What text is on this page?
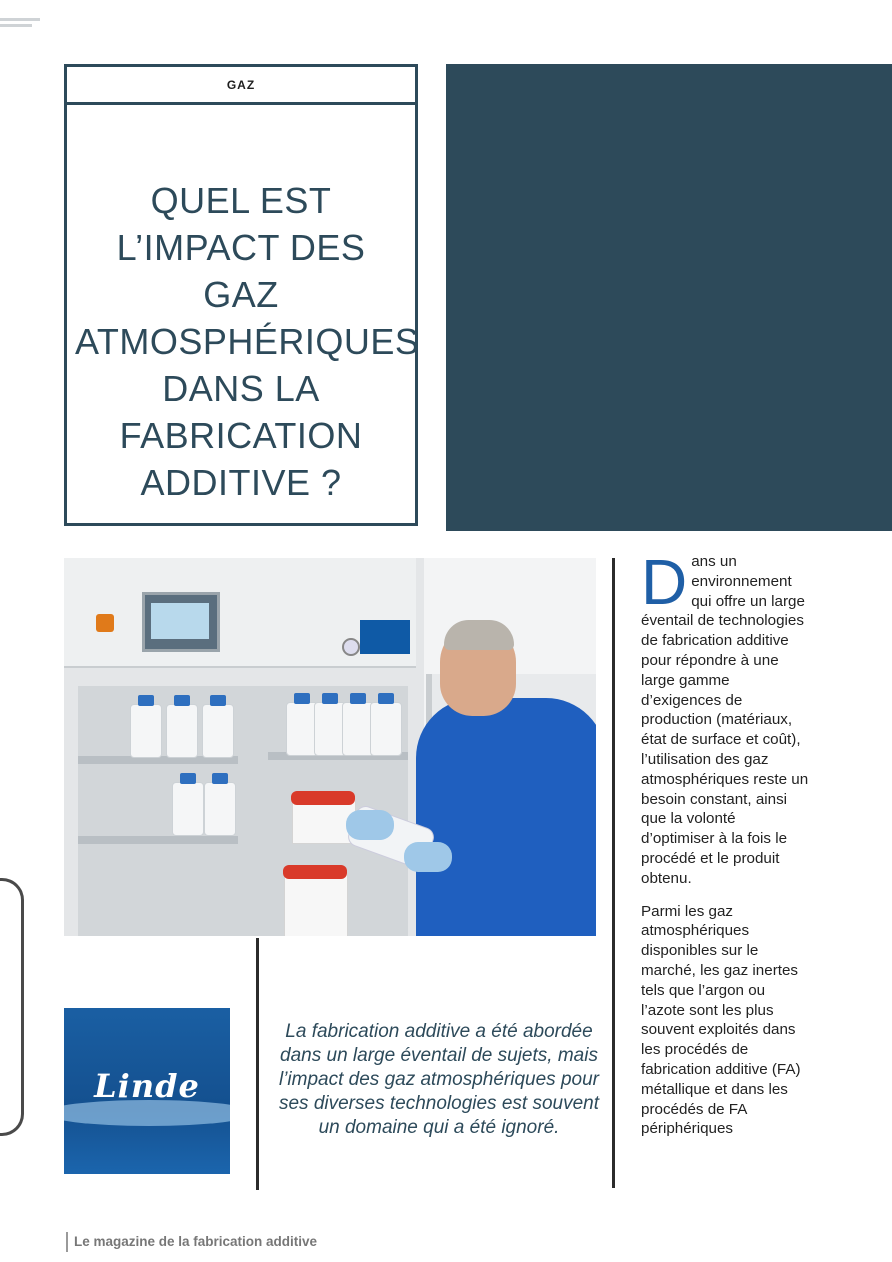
GAZ
QUEL EST L’IMPACT DES GAZ ATMOSPHÉRIQUES DANS LA FABRICATION ADDITIVE ?
Linde
La fabrication additive a été abordée dans un large éventail de sujets, mais l’impact des gaz atmosphériques pour ses diverses technologies est souvent un domaine qui a été ignoré.

Dans un environnement qui offre un large éventail de technologies de fabrication additive pour répondre à une large gamme d’exigences de production (matériaux, état de surface et coût), l’utilisation des gaz atmosphériques reste un besoin constant, ainsi que la volonté d’optimiser à la fois le procédé et le produit obtenu.

Parmi les gaz atmosphériques disponibles sur le marché, les gaz inertes tels que l’argon ou l’azote sont les plus souvent exploités dans les procédés de fabrication additive (FA) métallique et dans les procédés de FA périphériques

Le magazine de la fabrication additive
